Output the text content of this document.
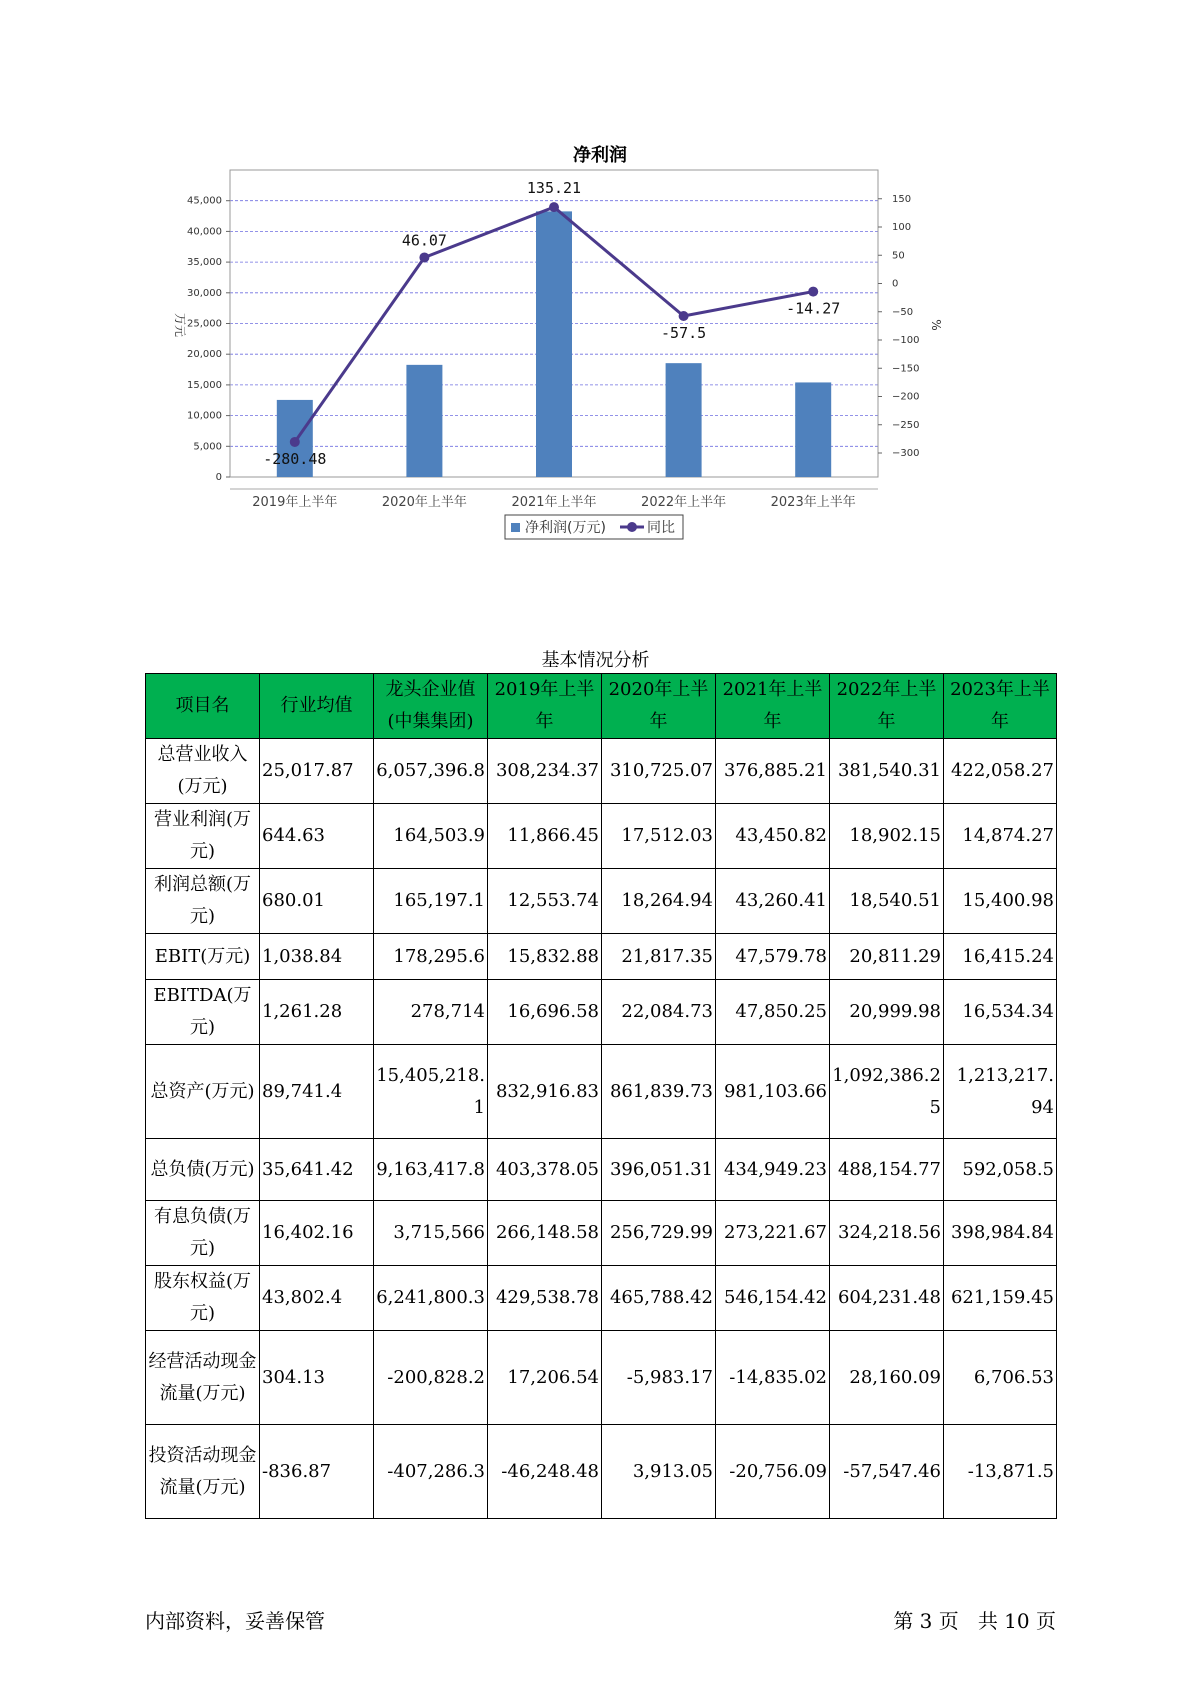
净利润
0
5,000
10,000
15,000
20,000
25,000
30,000
35,000
40,000
45,000	150
100
50
0
−50
−100
−150
−200
−250
−300
万元	%
2019年上半年	2020年上半年	2021年上半年	2022年上半年	2023年上半年
-280.48
46.07
135.21
-57.5
-14.27
净利润(万元)	同比
基本情况分析
项目名	行业均值	龙头企业值(中集集团)	2019年上半年	2020年上半年	2021年上半年	2022年上半年	2023年上半年
总营业收入(万元)	25,017.87	6,057,396.8	308,234.37	310,725.07	376,885.21	381,540.31	422,058.27
营业利润(万元)	644.63	164,503.9	11,866.45	17,512.03	43,450.82	18,902.15	14,874.27
利润总额(万元)	680.01	165,197.1	12,553.74	18,264.94	43,260.41	18,540.51	15,400.98
EBIT(万元)	1,038.84	178,295.6	15,832.88	21,817.35	47,579.78	20,811.29	16,415.24
EBITDA(万元)	1,261.28	278,714	16,696.58	22,084.73	47,850.25	20,999.98	16,534.34
总资产(万元)	89,741.4	15,405,218.1	832,916.83	861,839.73	981,103.66	1,092,386.25	1,213,217.94
总负债(万元)	35,641.42	9,163,417.8	403,378.05	396,051.31	434,949.23	488,154.77	592,058.5
有息负债(万元)	16,402.16	3,715,566	266,148.58	256,729.99	273,221.67	324,218.56	398,984.84
股东权益(万元)	43,802.4	6,241,800.3	429,538.78	465,788.42	546,154.42	604,231.48	621,159.45
经营活动现金流量(万元)	304.13	-200,828.2	17,206.54	-5,983.17	-14,835.02	28,160.09	6,706.53
投资活动现金流量(万元)	-836.87	-407,286.3	-46,248.48	3,913.05	-20,756.09	-57,547.46	-13,871.5
内部资料，妥善保管	第 3 页   共 10 页
